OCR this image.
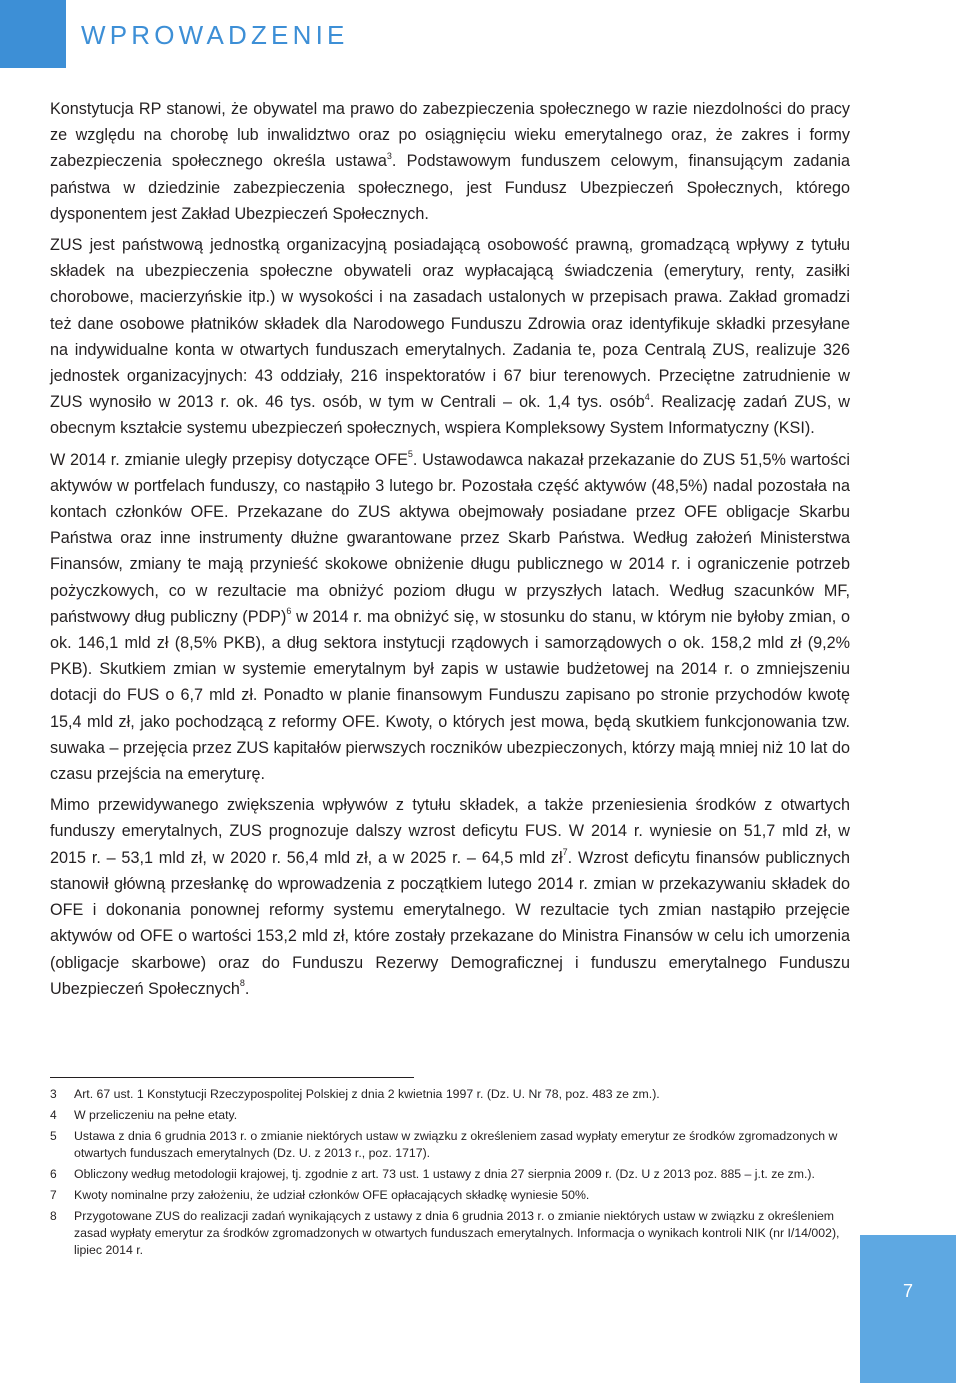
WPROWADZENIE

Konstytucja RP stanowi, że obywatel ma prawo do zabezpieczenia społecznego w razie niezdolności do pracy ze względu na chorobę lub inwalidztwo oraz po osiągnięciu wieku emerytalnego oraz, że zakres i formy zabezpieczenia społecznego określa ustawa$^3$. Podstawowym funduszem celowym, finansującym zadania państwa w dziedzinie zabezpieczenia społecznego, jest Fundusz Ubezpieczeń Społecznych, którego dysponentem jest Zakład Ubezpieczeń Społecznych.

ZUS jest państwową jednostką organizacyjną posiadającą osobowość prawną, gromadzącą wpływy z tytułu składek na ubezpieczenia społeczne obywateli oraz wypłacającą świadczenia (emerytury, renty, zasiłki chorobowe, macierzyńskie itp.) w wysokości i na zasadach ustalonych w przepisach prawa. Zakład gromadzi też dane osobowe płatników składek dla Narodowego Funduszu Zdrowia oraz identyfikuje składki przesyłane na indywidualne konta w otwartych funduszach emerytalnych. Zadania te, poza Centralą ZUS, realizuje 326 jednostek organizacyjnych: 43 oddziały, 216 inspektoratów i 67 biur terenowych. Przeciętne zatrudnienie w ZUS wynosiło w 2013 r. ok. 46 tys. osób, w tym w Centrali – ok. 1,4 tys. osób$^4$. Realizację zadań ZUS, w obecnym kształcie systemu ubezpieczeń społecznych, wspiera Kompleksowy System Informatyczny (KSI).

W 2014 r. zmianie uległy przepisy dotyczące OFE$^5$. Ustawodawca nakazał przekazanie do ZUS 51,5% wartości aktywów w portfelach funduszy, co nastąpiło 3 lutego br. Pozostała część aktywów (48,5%) nadal pozostała na kontach członków OFE. Przekazane do ZUS aktywa obejmowały posiadane przez OFE obligacje Skarbu Państwa oraz inne instrumenty dłużne gwarantowane przez Skarb Państwa. Według założeń Ministerstwa Finansów, zmiany te mają przynieść skokowe obniżenie długu publicznego w 2014 r. i ograniczenie potrzeb pożyczkowych, co w rezultacie ma obniżyć poziom długu w przyszłych latach. Według szacunków MF, państwowy dług publiczny (PDP)$^6$ w 2014 r. ma obniżyć się, w stosunku do stanu, w którym nie byłoby zmian, o ok. 146,1 mld zł (8,5% PKB), a dług sektora instytucji rządowych i samorządowych o ok. 158,2 mld zł (9,2% PKB). Skutkiem zmian w systemie emerytalnym był zapis w ustawie budżetowej na 2014 r. o zmniejszeniu dotacji do FUS o 6,7 mld zł. Ponadto w planie finansowym Funduszu zapisano po stronie przychodów kwotę 15,4 mld zł, jako pochodzącą z reformy OFE. Kwoty, o których jest mowa, będą skutkiem funkcjonowania tzw. suwaka – przejęcia przez ZUS kapitałów pierwszych roczników ubezpieczonych, którzy mają mniej niż 10 lat do czasu przejścia na emeryturę.

Mimo przewidywanego zwiększenia wpływów z tytułu składek, a także przeniesienia środków z otwartych funduszy emerytalnych, ZUS prognozuje dalszy wzrost deficytu FUS. W 2014 r. wyniesie on 51,7 mld zł, w 2015 r. – 53,1 mld zł, w 2020 r. 56,4 mld zł, a w 2025 r. – 64,5 mld $zł^7$. Wzrost deficytu finansów publicznych stanowił główną przesłankę do wprowadzenia z początkiem lutego 2014 r. zmian w przekazywaniu składek do OFE i dokonania ponownej reformy systemu emerytalnego. W rezultacie tych zmian nastąpiło przejęcie aktywów od OFE o wartości 153,2 mld zł, które zostały przekazane do Ministra Finansów w celu ich umorzenia (obligacje skarbowe) oraz do Funduszu Rezerwy Demograficznej i funduszu emerytalnego Funduszu Ubezpieczeń Społecznych$^8$.

3	Art. 67 ust. 1 Konstytucji Rzeczypospolitej Polskiej z dnia 2 kwietnia 1997 r. (Dz. U. Nr 78, poz. 483 ze zm.).
4	W przeliczeniu na pełne etaty.
5	Ustawa z dnia 6 grudnia 2013 r. o zmianie niektórych ustaw w związku z określeniem zasad wypłaty emerytur ze środków zgromadzonych w otwartych funduszach emerytalnych (Dz. U. z 2013 r., poz. 1717).
6	Obliczony według metodologii krajowej, tj. zgodnie z art. 73 ust. 1 ustawy z dnia 27 sierpnia 2009 r. (Dz. U z 2013 poz. 885 – j.t. ze zm.).
7	Kwoty nominalne przy założeniu, że udział członków OFE opłacających składkę wyniesie 50%.
8	Przygotowane ZUS do realizacji zadań wynikających z ustawy z dnia 6 grudnia 2013 r. o zmianie niektórych ustaw w związku z określeniem zasad wypłaty emerytur za środków zgromadzonych w otwartych funduszach emerytalnych. Informacja o wynikach kontroli NIK (nr I/14/002), lipiec 2014 r.
7
